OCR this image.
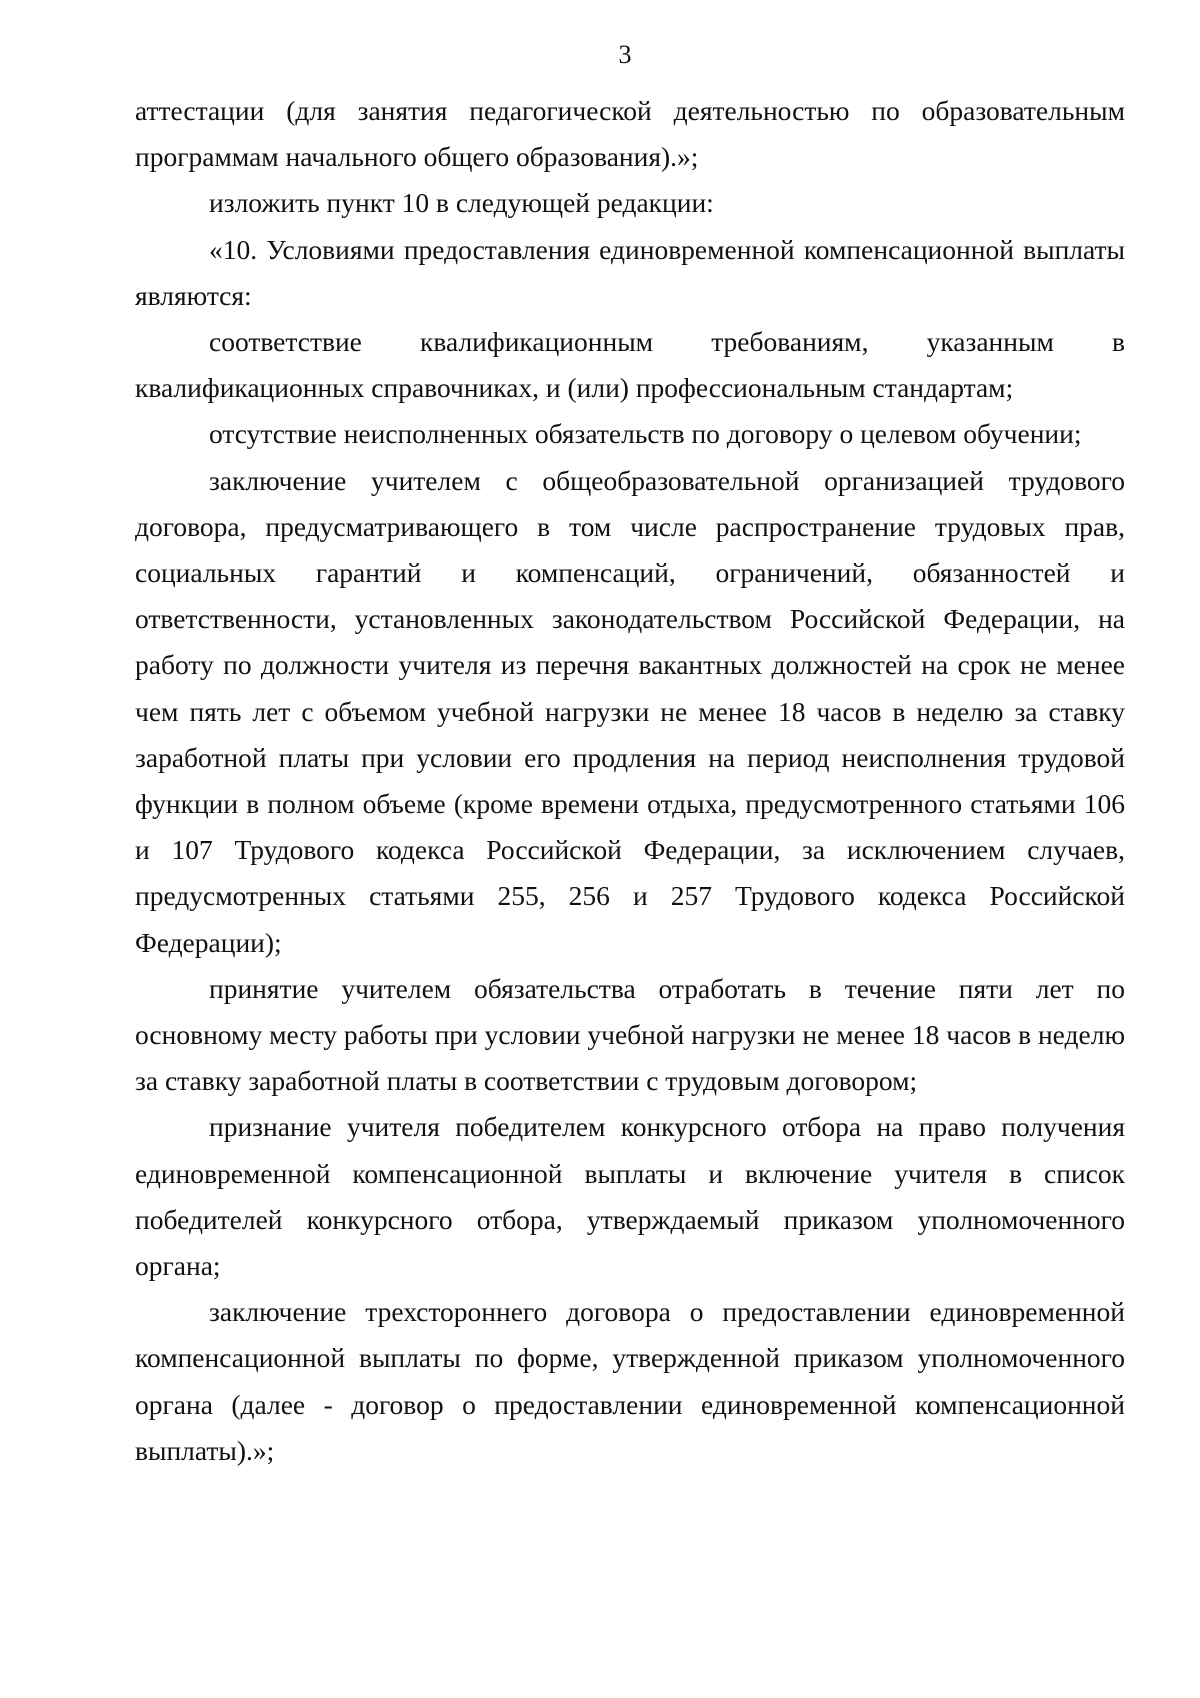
3

аттестации (для занятия педагогической деятельностью по образовательным программам начального общего образования).»;

изложить пункт 10 в следующей редакции:

«10. Условиями предоставления единовременной компенсационной выплаты являются:

соответствие квалификационным требованиям, указанным в квалификационных справочниках, и (или) профессиональным стандартам;

отсутствие неисполненных обязательств по договору о целевом обучении;

заключение учителем с общеобразовательной организацией трудового договора, предусматривающего в том числе распространение трудовых прав, социальных гарантий и компенсаций, ограничений, обязанностей и ответственности, установленных законодательством Российской Федерации, на работу по должности учителя из перечня вакантных должностей на срок не менее чем пять лет с объемом учебной нагрузки не менее 18 часов в неделю за ставку заработной платы при условии его продления на период неисполнения трудовой функции в полном объеме (кроме времени отдыха, предусмотренного статьями 106 и 107 Трудового кодекса Российской Федерации, за исключением случаев, предусмотренных статьями 255, 256 и 257 Трудового кодекса Российской Федерации);

принятие учителем обязательства отработать в течение пяти лет по основному месту работы при условии учебной нагрузки не менее 18 часов в неделю за ставку заработной платы в соответствии с трудовым договором;

признание учителя победителем конкурсного отбора на право получения единовременной компенсационной выплаты и включение учителя в список победителей конкурсного отбора, утверждаемый приказом уполномоченного органа;

заключение трехстороннего договора о предоставлении единовременной компенсационной выплаты по форме, утвержденной приказом уполномоченного органа (далее - договор о предоставлении единовременной компенсационной выплаты).»;
